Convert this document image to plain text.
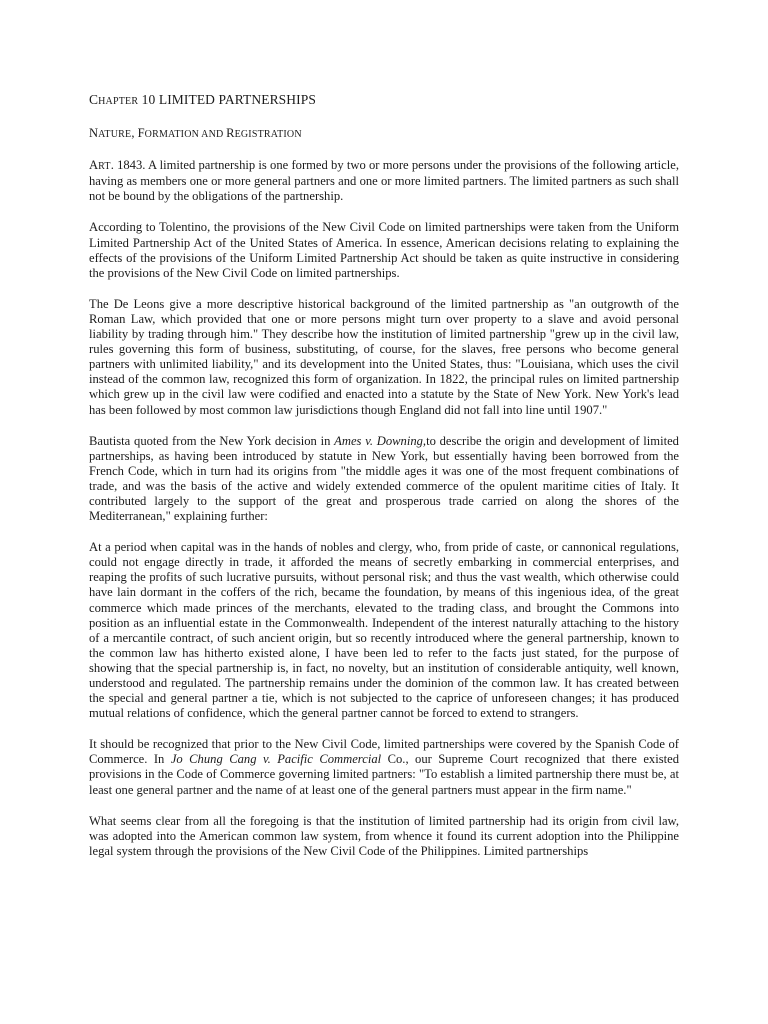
CHAPTER 10 LIMITED PARTNERSHIPS
NATURE, FORMATION AND REGISTRATION

ART. 1843. A limited partnership is one formed by two or more persons under the provisions of the following article, having as members one or more general partners and one or more limited partners. The limited partners as such shall not be bound by the obligations of the partnership.

According to Tolentino, the provisions of the New Civil Code on limited partnerships were taken from the Uniform Limited Partnership Act of the United States of America. In essence, American decisions relating to explaining the effects of the provisions of the Uniform Limited Partnership Act should be taken as quite instructive in considering the provisions of the New Civil Code on limited partnerships.

The De Leons give a more descriptive historical background of the limited partnership as "an outgrowth of the Roman Law, which provided that one or more persons might turn over property to a slave and avoid personal liability by trading through him." They describe how the institution of limited partnership "grew up in the civil law, rules governing this form of business, substituting, of course, for the slaves, free persons who become general partners with unlimited liability," and its development into the United States, thus: "Louisiana, which uses the civil instead of the common law, recognized this form of organization. In 1822, the principal rules on limited partnership which grew up in the civil law were codified and enacted into a statute by the State of New York. New York's lead has been followed by most common law jurisdictions though England did not fall into line until 1907."

Bautista quoted from the New York decision in Ames v. Downing,to describe the origin and development of limited partnerships, as having been introduced by statute in New York, but essentially having been borrowed from the French Code, which in turn had its origins from "the middle ages it was one of the most frequent combinations of trade, and was the basis of the active and widely extended commerce of the opulent maritime cities of Italy. It contributed largely to the support of the great and prosperous trade carried on along the shores of the Mediterranean," explaining further:

At a period when capital was in the hands of nobles and clergy, who, from pride of caste, or cannonical regulations, could not engage directly in trade, it afforded the means of secretly embarking in commercial enterprises, and reaping the profits of such lucrative pursuits, without personal risk; and thus the vast wealth, which otherwise could have lain dormant in the coffers of the rich, became the foundation, by means of this ingenious idea, of the great commerce which made princes of the merchants, elevated to the trading class, and brought the Commons into position as an influential estate in the Commonwealth. Independent of the interest naturally attaching to the history of a mercantile contract, of such ancient origin, but so recently introduced where the general partnership, known to the common law has hitherto existed alone, I have been led to refer to the facts just stated, for the purpose of showing that the special partnership is, in fact, no novelty, but an institution of considerable antiquity, well known, understood and regulated. The partnership remains under the dominion of the common law. It has created between the special and general partner a tie, which is not subjected to the caprice of unforeseen changes; it has produced mutual relations of confidence, which the general partner cannot be forced to extend to strangers.

It should be recognized that prior to the New Civil Code, limited partnerships were covered by the Spanish Code of Commerce. In Jo Chung Cang v. Pacific Commercial Co., our Supreme Court recognized that there existed provisions in the Code of Commerce governing limited partners: "To establish a limited partnership there must be, at least one general partner and the name of at least one of the general partners must appear in the firm name."

What seems clear from all the foregoing is that the institution of limited partnership had its origin from civil law, was adopted into the American common law system, from whence it found its current adoption into the Philippine legal system through the provisions of the New Civil Code of the Philippines. Limited partnerships
